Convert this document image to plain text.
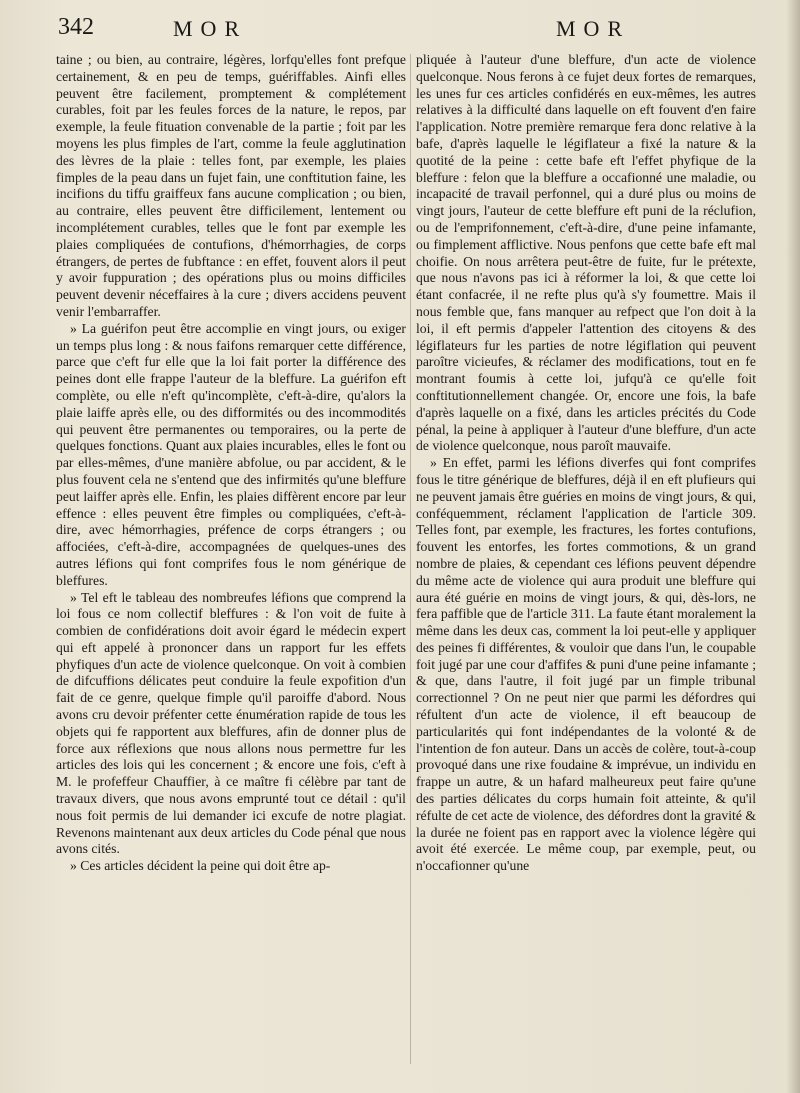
342	MOR	MOR

taine ; ou bien, au contraire, légères, lorfqu'elles font prefque certainement, & en peu de temps, guériffables. Ainfi elles peuvent être facilement, promptement & complétement curables, foit par les feules forces de la nature, le repos, par exemple, la feule fituation convenable de la partie ; foit par les moyens les plus fimples de l'art, comme la feule agglutination des lèvres de la plaie : telles font, par exemple, les plaies fimples de la peau dans un fujet fain, une conftitution faine, les incifions du tiffu graiffeux fans aucune complication ; ou bien, au contraire, elles peuvent être difficilement, lentement ou incomplétement curables, telles que le font par exemple les plaies compliquées de contufions, d'hémorrhagies, de corps étrangers, de pertes de fubftance : en effet, fouvent alors il peut y avoir fuppuration ; des opérations plus ou moins difficiles peuvent devenir néceffaires à la cure ; divers accidens peuvent venir l'embarraffer.

» La guérifon peut être accomplie en vingt jours, ou exiger un temps plus long : & nous faifons remarquer cette différence, parce que c'eft fur elle que la loi fait porter la différence des peines dont elle frappe l'auteur de la bleffure. La guérifon eft complète, ou elle n'eft qu'incomplète, c'eft-à-dire, qu'alors la plaie laiffe après elle, ou des difformités ou des incommodités qui peuvent être permanentes ou temporaires, ou la perte de quelques fonctions. Quant aux plaies incurables, elles le font ou par elles-mêmes, d'une manière abfolue, ou par accident, & le plus fouvent cela ne s'entend que des infirmités qu'une bleffure peut laiffer après elle. Enfin, les plaies diffèrent encore par leur effence : elles peuvent être fimples ou compliquées, c'eft-à-dire, avec hémorrhagies, préfence de corps étrangers ; ou affociées, c'eft-à-dire, accompagnées de quelques-unes des autres léfions qui font comprifes fous le nom générique de bleffures.

» Tel eft le tableau des nombreufes léfions que comprend la loi fous ce nom collectif bleffures : & l'on voit de fuite à combien de confidérations doit avoir égard le médecin expert qui eft appelé à prononcer dans un rapport fur les effets phyfiques d'un acte de violence quelconque. On voit à combien de difcuffions délicates peut conduire la feule expofition d'un fait de ce genre, quelque fimple qu'il paroiffe d'abord. Nous avons cru devoir préfenter cette énumération rapide de tous les objets qui fe rapportent aux bleffures, afin de donner plus de force aux réflexions que nous allons nous permettre fur les articles des lois qui les concernent ; & encore une fois, c'eft à M. le profeffeur Chauffier, à ce maître fi célèbre par tant de travaux divers, que nous avons emprunté tout ce détail : qu'il nous foit permis de lui demander ici excufe de notre plagiat. Revenons maintenant aux deux articles du Code pénal que nous avons cités.

» Ces articles décident la peine qui doit être ap-

pliquée à l'auteur d'une bleffure, d'un acte de violence quelconque. Nous ferons à ce fujet deux fortes de remarques, les unes fur ces articles confidérés en eux-mêmes, les autres relatives à la difficulté dans laquelle on eft fouvent d'en faire l'application. Notre première remarque fera donc relative à la bafe, d'après laquelle le légiflateur a fixé la nature & la quotité de la peine : cette bafe eft l'effet phyfique de la bleffure : felon que la bleffure a occafionné une maladie, ou incapacité de travail perfonnel, qui a duré plus ou moins de vingt jours, l'auteur de cette bleffure eft puni de la réclufion, ou de l'emprifonnement, c'eft-à-dire, d'une peine infamante, ou fimplement afflictive. Nous penfons que cette bafe eft mal choifie. On nous arrêtera peut-être de fuite, fur le prétexte, que nous n'avons pas ici à réformer la loi, & que cette loi étant confacrée, il ne refte plus qu'à s'y foumettre. Mais il nous femble que, fans manquer au refpect que l'on doit à la loi, il eft permis d'appeler l'attention des citoyens & des légiflateurs fur les parties de notre légiflation qui peuvent paroître vicieufes, & réclamer des modifications, tout en fe montrant foumis à cette loi, jufqu'à ce qu'elle foit conftitutionnellement changée. Or, encore une fois, la bafe d'après laquelle on a fixé, dans les articles précités du Code pénal, la peine à appliquer à l'auteur d'une bleffure, d'un acte de violence quelconque, nous paroît mauvaife.

» En effet, parmi les léfions diverfes qui font comprifes fous le titre générique de bleffures, déjà il en eft plufieurs qui ne peuvent jamais être guéries en moins de vingt jours, & qui, conféquemment, réclament l'application de l'article 309. Telles font, par exemple, les fractures, les fortes contufions, fouvent les entorfes, les fortes commotions, & un grand nombre de plaies, & cependant ces léfions peuvent dépendre du même acte de violence qui aura produit une bleffure qui aura été guérie en moins de vingt jours, & qui, dès-lors, ne fera paffible que de l'article 311. La faute étant moralement la même dans les deux cas, comment la loi peut-elle y appliquer des peines fi différentes, & vouloir que dans l'un, le coupable foit jugé par une cour d'affifes & puni d'une peine infamante ; & que, dans l'autre, il foit jugé par un fimple tribunal correctionnel ? On ne peut nier que parmi les défordres qui réfultent d'un acte de violence, il eft beaucoup de particularités qui font indépendantes de la volonté & de l'intention de fon auteur. Dans un accès de colère, tout-à-coup provoqué dans une rixe foudaine & imprévue, un individu en frappe un autre, & un hafard malheureux peut faire qu'une des parties délicates du corps humain foit atteinte, & qu'il réfulte de cet acte de violence, des défordres dont la gravité & la durée ne foient pas en rapport avec la violence légère qui avoit été exercée. Le même coup, par exemple, peut, ou n'occafionner qu'une
